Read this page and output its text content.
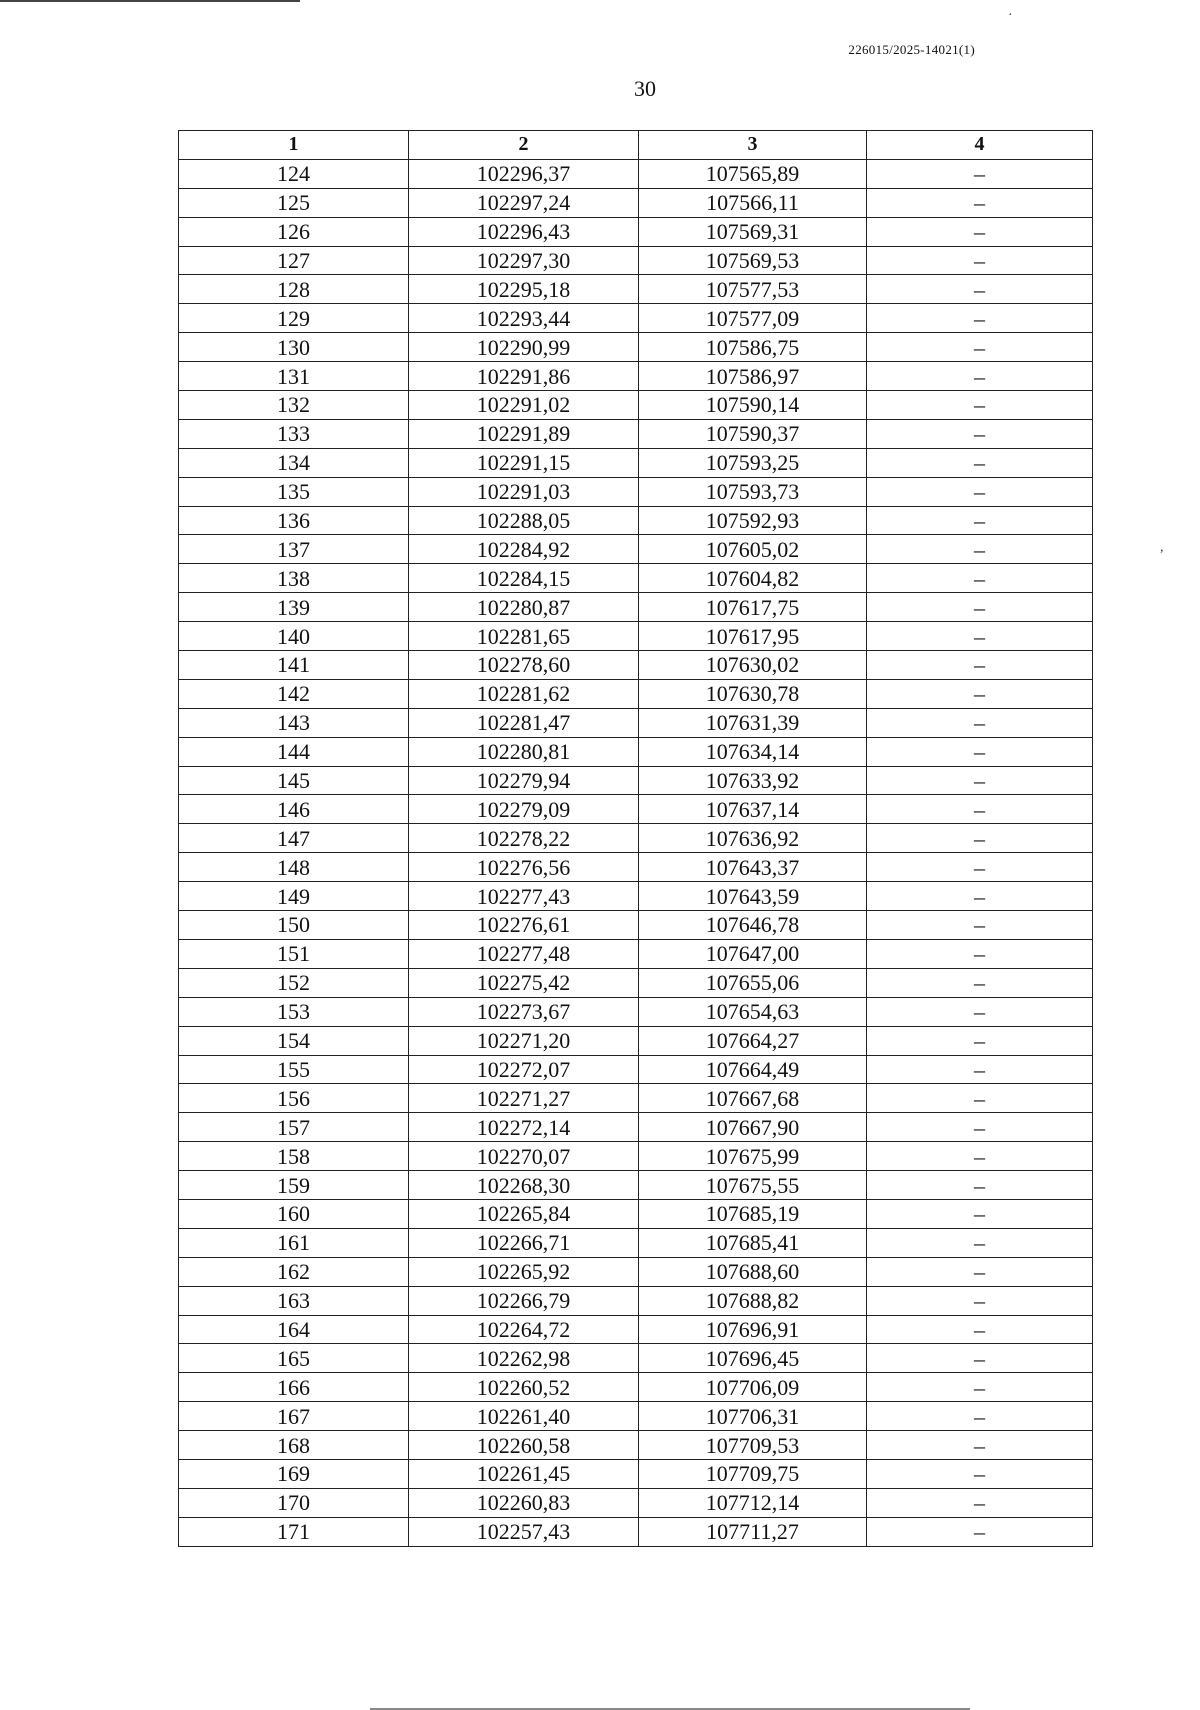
226015/2025-14021(1)
30
·
,
1	2	3	4
124	102296,37	107565,89	–
125	102297,24	107566,11	–
126	102296,43	107569,31	–
127	102297,30	107569,53	–
128	102295,18	107577,53	–
129	102293,44	107577,09	–
130	102290,99	107586,75	–
131	102291,86	107586,97	–
132	102291,02	107590,14	–
133	102291,89	107590,37	–
134	102291,15	107593,25	–
135	102291,03	107593,73	–
136	102288,05	107592,93	–
137	102284,92	107605,02	–
138	102284,15	107604,82	–
139	102280,87	107617,75	–
140	102281,65	107617,95	–
141	102278,60	107630,02	–
142	102281,62	107630,78	–
143	102281,47	107631,39	–
144	102280,81	107634,14	–
145	102279,94	107633,92	–
146	102279,09	107637,14	–
147	102278,22	107636,92	–
148	102276,56	107643,37	–
149	102277,43	107643,59	–
150	102276,61	107646,78	–
151	102277,48	107647,00	–
152	102275,42	107655,06	–
153	102273,67	107654,63	–
154	102271,20	107664,27	–
155	102272,07	107664,49	–
156	102271,27	107667,68	–
157	102272,14	107667,90	–
158	102270,07	107675,99	–
159	102268,30	107675,55	–
160	102265,84	107685,19	–
161	102266,71	107685,41	–
162	102265,92	107688,60	–
163	102266,79	107688,82	–
164	102264,72	107696,91	–
165	102262,98	107696,45	–
166	102260,52	107706,09	–
167	102261,40	107706,31	–
168	102260,58	107709,53	–
169	102261,45	107709,75	–
170	102260,83	107712,14	–
171	102257,43	107711,27	–
